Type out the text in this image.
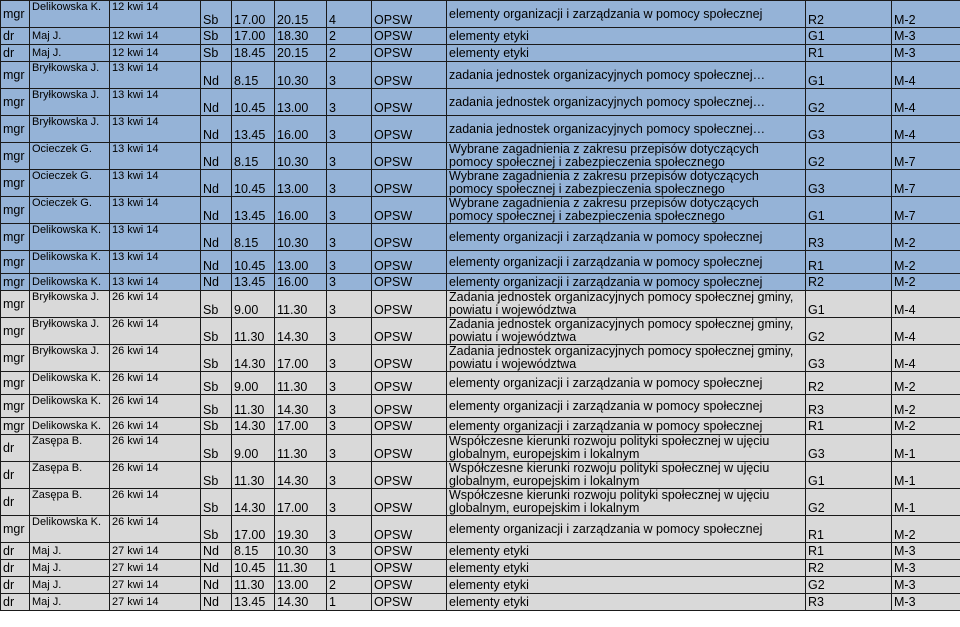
mgr	Delikowska K.	12 kwi 14	Sb	17.00	20.15	4	OPSW	elementy organizacji i zarządzania w pomocy społecznej	R2	M-2
dr	Maj J.	12 kwi 14	Sb	17.00	18.30	2	OPSW	elementy etyki	G1	M-3
dr	Maj J.	12 kwi 14	Sb	18.45	20.15	2	OPSW	elementy etyki	R1	M-3
mgr	Bryłkowska J.	13 kwi 14	Nd	8.15	10.30	3	OPSW	zadania jednostek organizacyjnych pomocy społecznej…	G1	M-4
mgr	Bryłkowska J.	13 kwi 14	Nd	10.45	13.00	3	OPSW	zadania jednostek organizacyjnych pomocy społecznej…	G2	M-4
mgr	Bryłkowska J.	13 kwi 14	Nd	13.45	16.00	3	OPSW	zadania jednostek organizacyjnych pomocy społecznej…	G3	M-4
mgr	Ocieczek G.	13 kwi 14	Nd	8.15	10.30	3	OPSW	Wybrane zagadnienia z zakresu przepisów dotyczących pomocy społecznej i zabezpieczenia społecznego	G2	M-7
mgr	Ocieczek G.	13 kwi 14	Nd	10.45	13.00	3	OPSW	Wybrane zagadnienia z zakresu przepisów dotyczących pomocy społecznej i zabezpieczenia społecznego	G3	M-7
mgr	Ocieczek G.	13 kwi 14	Nd	13.45	16.00	3	OPSW	Wybrane zagadnienia z zakresu przepisów dotyczących pomocy społecznej i zabezpieczenia społecznego	G1	M-7
mgr	Delikowska K.	13 kwi 14	Nd	8.15	10.30	3	OPSW	elementy organizacji i zarządzania w pomocy społecznej	R3	M-2
mgr	Delikowska K.	13 kwi 14	Nd	10.45	13.00	3	OPSW	elementy organizacji i zarządzania w pomocy społecznej	R1	M-2
mgr	Delikowska K.	13 kwi 14	Nd	13.45	16.00	3	OPSW	elementy organizacji i zarządzania w pomocy społecznej	R2	M-2
mgr	Bryłkowska J.	26 kwi 14	Sb	9.00	11.30	3	OPSW	Zadania jednostek organizacyjnych pomocy społecznej gminy, powiatu i województwa	G1	M-4
mgr	Bryłkowska J.	26 kwi 14	Sb	11.30	14.30	3	OPSW	Zadania jednostek organizacyjnych pomocy społecznej gminy, powiatu i województwa	G2	M-4
mgr	Bryłkowska J.	26 kwi 14	Sb	14.30	17.00	3	OPSW	Zadania jednostek organizacyjnych pomocy społecznej gminy, powiatu i województwa	G3	M-4
mgr	Delikowska K.	26 kwi 14	Sb	9.00	11.30	3	OPSW	elementy organizacji i zarządzania w pomocy społecznej	R2	M-2
mgr	Delikowska K.	26 kwi 14	Sb	11.30	14.30	3	OPSW	elementy organizacji i zarządzania w pomocy społecznej	R3	M-2
mgr	Delikowska K.	26 kwi 14	Sb	14.30	17.00	3	OPSW	elementy organizacji i zarządzania w pomocy społecznej	R1	M-2
dr	Zasępa B.	26 kwi 14	Sb	9.00	11.30	3	OPSW	Współczesne kierunki rozwoju polityki społecznej w ujęciu globalnym, europejskim i lokalnym	G3	M-1
dr	Zasępa B.	26 kwi 14	Sb	11.30	14.30	3	OPSW	Współczesne kierunki rozwoju polityki społecznej w ujęciu globalnym, europejskim i lokalnym	G1	M-1
dr	Zasępa B.	26 kwi 14	Sb	14.30	17.00	3	OPSW	Współczesne kierunki rozwoju polityki społecznej w ujęciu globalnym, europejskim i lokalnym	G2	M-1
mgr	Delikowska K.	26 kwi 14	Sb	17.00	19.30	3	OPSW	elementy organizacji i zarządzania w pomocy społecznej	R1	M-2
dr	Maj J.	27 kwi 14	Nd	8.15	10.30	3	OPSW	elementy etyki	R1	M-3
dr	Maj J.	27 kwi 14	Nd	10.45	11.30	1	OPSW	elementy etyki	R2	M-3
dr	Maj J.	27 kwi 14	Nd	11.30	13.00	2	OPSW	elementy etyki	G2	M-3
dr	Maj J.	27 kwi 14	Nd	13.45	14.30	1	OPSW	elementy etyki	R3	M-3
